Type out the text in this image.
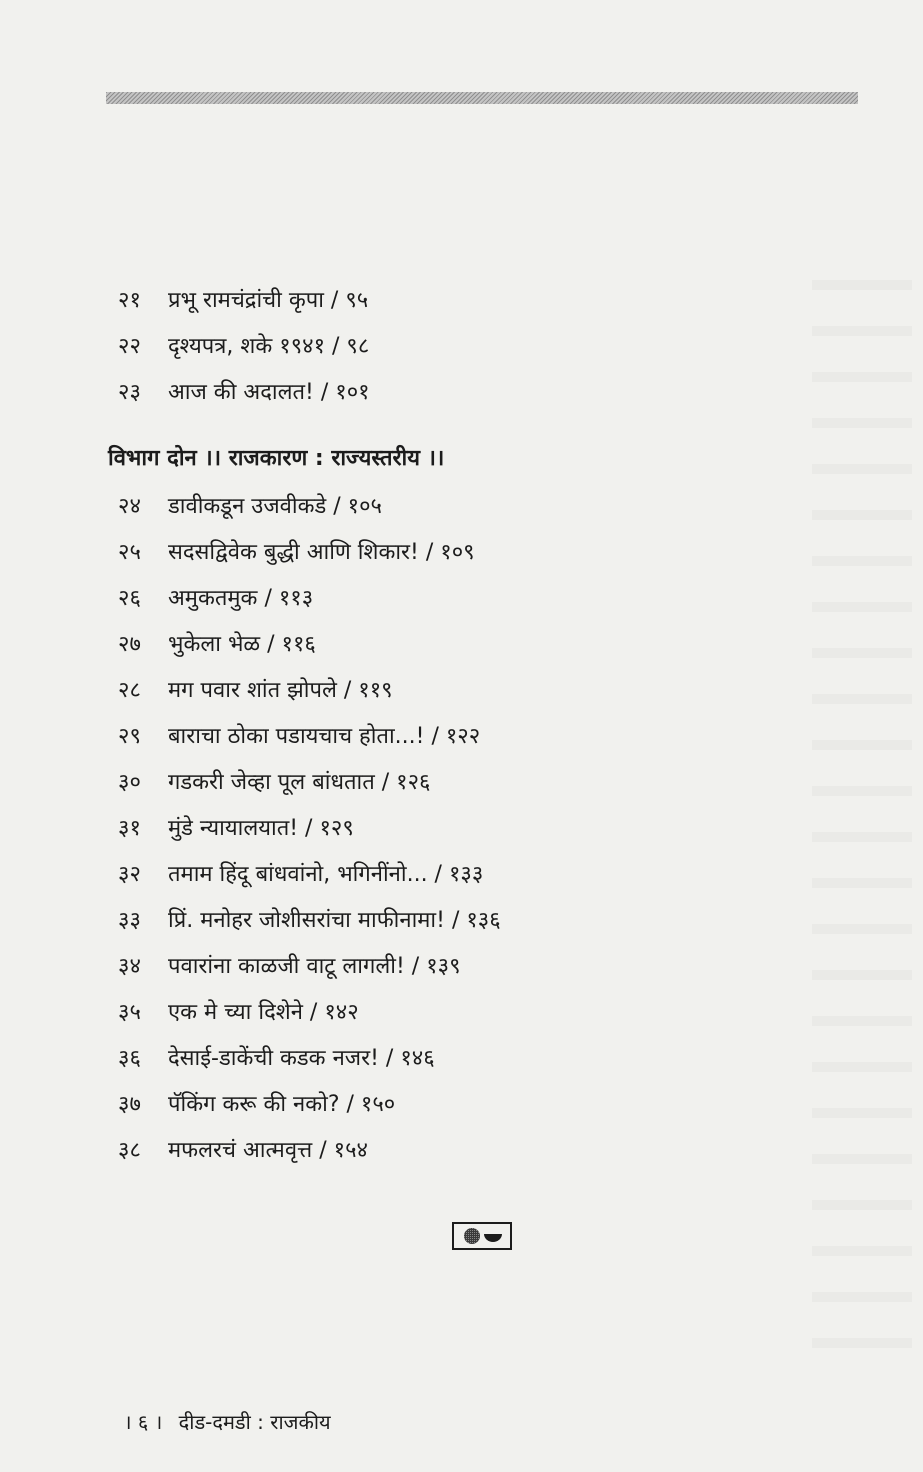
२१	प्रभू रामचंद्रांची कृपा / ९५
२२	दृश्यपत्र, शके १९४१ / ९८
२३	आज की अदालत! / १०१
विभाग दोन ।। राजकारण : राज्यस्तरीय ।।
२४	डावीकडून उजवीकडे / १०५
२५	सदसद्विवेक बुद्धी आणि शिकार! / १०९
२६	अमुकतमुक / ११३
२७	भुकेला भेळ / ११६
२८	मग पवार शांत झोपले / ११९
२९	बाराचा ठोका पडायचाच होता...! / १२२
३०	गडकरी जेव्हा पूल बांधतात / १२६
३१	मुंडे न्यायालयात! / १२९
३२	तमाम हिंदू बांधवांनो, भगिनींनो... / १३३
३३	प्रिं. मनोहर जोशीसरांचा माफीनामा! / १३६
३४	पवारांना काळजी वाटू लागली! / १३९
३५	एक मे च्या दिशेने / १४२
३६	देसाई-डाकेंची कडक नजर! / १४६
३७	पॅकिंग करू की नको? / १५०
३८	मफलरचं आत्मवृत्त / १५४
। ६ । दीड-दमडी : राजकीय
